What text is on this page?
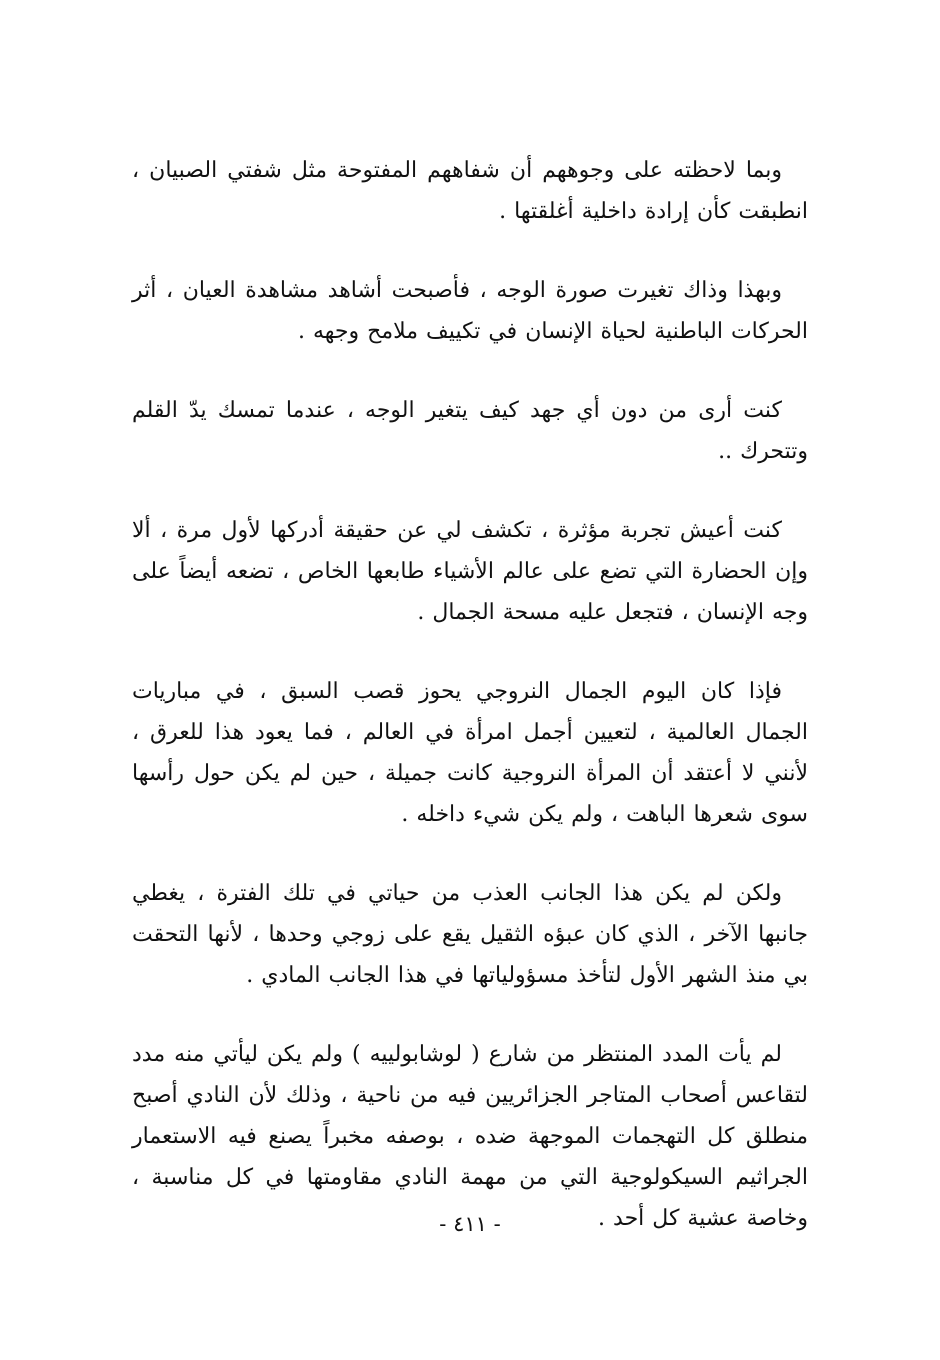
وبما لاحظته على وجوههم أن شفاههم المفتوحة مثل شفتي الصبيان ، انطبقت كأن إرادة داخلية أغلقتها .

وبهذا وذاك تغيرت صورة الوجه ، فأصبحت أشاهد مشاهدة العيان ، أثر الحركات الباطنية لحياة الإنسان في تكييف ملامح وجهه .

كنت أرى من دون أي جهد كيف يتغير الوجه ، عندما تمسك يدّ القلم وتتحرك ..

كنت أعيش تجربة مؤثرة ، تكشف لي عن حقيقة أدركها لأول مرة ، ألا وإن الحضارة التي تضع على عالم الأشياء طابعها الخاص ، تضعه أيضاً على وجه الإنسان ، فتجعل عليه مسحة الجمال .

فإذا كان اليوم الجمال النروجي يحوز قصب السبق ، في مباريات الجمال العالمية ، لتعيين أجمل امرأة في العالم ، فما يعود هذا للعرق ، لأنني لا أعتقد أن المرأة النروجية كانت جميلة ، حين لم يكن حول رأسها سوى شعرها الباهت ، ولم يكن شيء داخله .

ولكن لم يكن هذا الجانب العذب من حياتي في تلك الفترة ، يغطي جانبها الآخر ، الذي كان عبؤه الثقيل يقع على زوجي وحدها ، لأنها التحقت بي منذ الشهر الأول لتأخذ مسؤولياتها في هذا الجانب المادي .

لم يأت المدد المنتظر من شارع ( لوشابولييه ) ولم يكن ليأتي منه مدد لتقاعس أصحاب المتاجر الجزائريين فيه من ناحية ، وذلك لأن النادي أصبح منطلق كل التهجمات الموجهة ضده ، بوصفه مخبراً يصنع فيه الاستعمار الجراثيم السيكولوجية التي من مهمة النادي مقاومتها في كل مناسبة ، وخاصة عشية كل أحد .

- ٤١١ -
